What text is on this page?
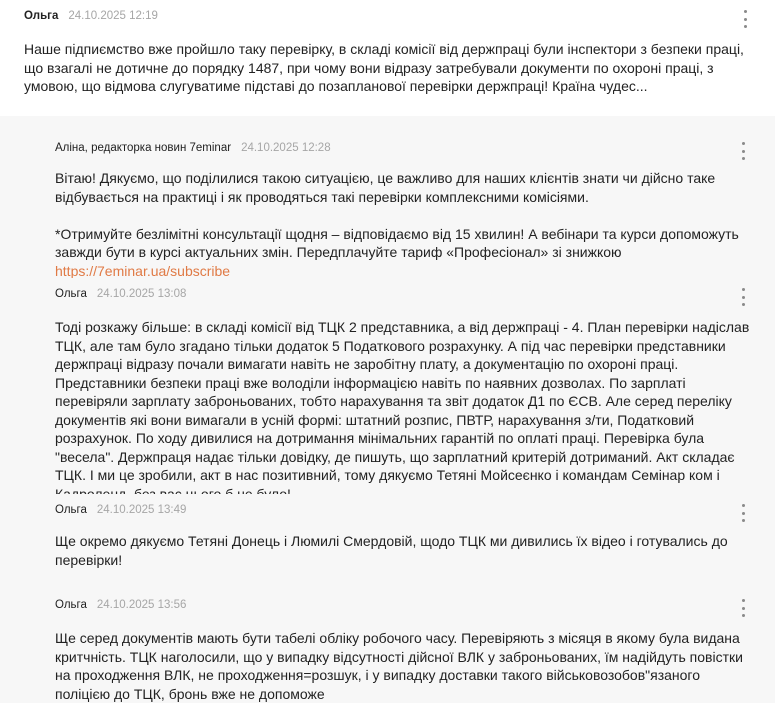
Ольга 24.10.2025 12:19

Наше підпиємство вже пройшло таку перевірку, в складі комісії від держпраці були інспектори з безпеки праці, що взагалі не дотичне до порядку 1487, при чому вони відразу затребували документи по охороні праці, з умовою, що відмова слугуватиме підставі до позапланової перевірки держпраці! Країна чудес...

Аліна, редакторка новин 7eminar 24.10.2025 12:28

Вітаю! Дякуємо, що поділилися такою ситуацією, це важливо для наших клієнтів знати чи дійсно таке відбувається на практиці і як проводяться такі перевірки комплексними комісіями.

*Отримуйте безлімітні консультації щодня – відповідаємо від 15 хвилин! А вебінари та курси допоможуть завжди бути в курсі актуальних змін. Передплачуйте тариф «Професіонал» зі знижкою https://7eminar.ua/subscribe

Ольга 24.10.2025 13:08

Тоді розкажу більше: в складі комісії від ТЦК 2 представника, а від держпраці - 4. План перевірки надіслав ТЦК, але там було згадано тільки додаток 5 Податкового розрахунку. А під час перевірки представники держпраці відразу почали вимагати навіть не заробітну плату, а документацію по охороні праці. Представники безпеки праці вже володіли інформацією навіть по наявних дозволах. По зарплаті перевіряли зарплату заброньованих, тобто нарахування та звіт додаток Д1 по ЄСВ. Але серед переліку документів які вони вимагали в усній формі: штатний розпис, ПВТР, нарахування з/ти, Податковий розрахунок. По ходу дивилися на дотримання мінімальних гарантій по оплаті праці. Перевірка була "весела". Держпраця надає тільки довідку, де пишуть, що зарплатний критерій дотриманий. Акт складає ТЦК. І ми це зробили, акт в нас позитивний, тому дякуємо Тетяні Мойсеєнко і командам Семінар ком і

Ольга 24.10.2025 13:49

Ще окремо дякуємо Тетяні Донець і Люмилі Смердовій, щодо ТЦК ми дивились їх відео і готувались до перевірки!

Ольга 24.10.2025 13:56

Ще серед документів мають бути табелі обліку робочого часу. Перевіряють з місяця в якому була видана критчність. ТЦК наголосили, що у випадку відсутності дійсної ВЛК у заброньованих, їм надійдуть повістки на проходження ВЛК, не проходження=розшук, і у випадку доставки такого військовозобов"язаного поліцією до ТЦК, бронь вже не допоможе
